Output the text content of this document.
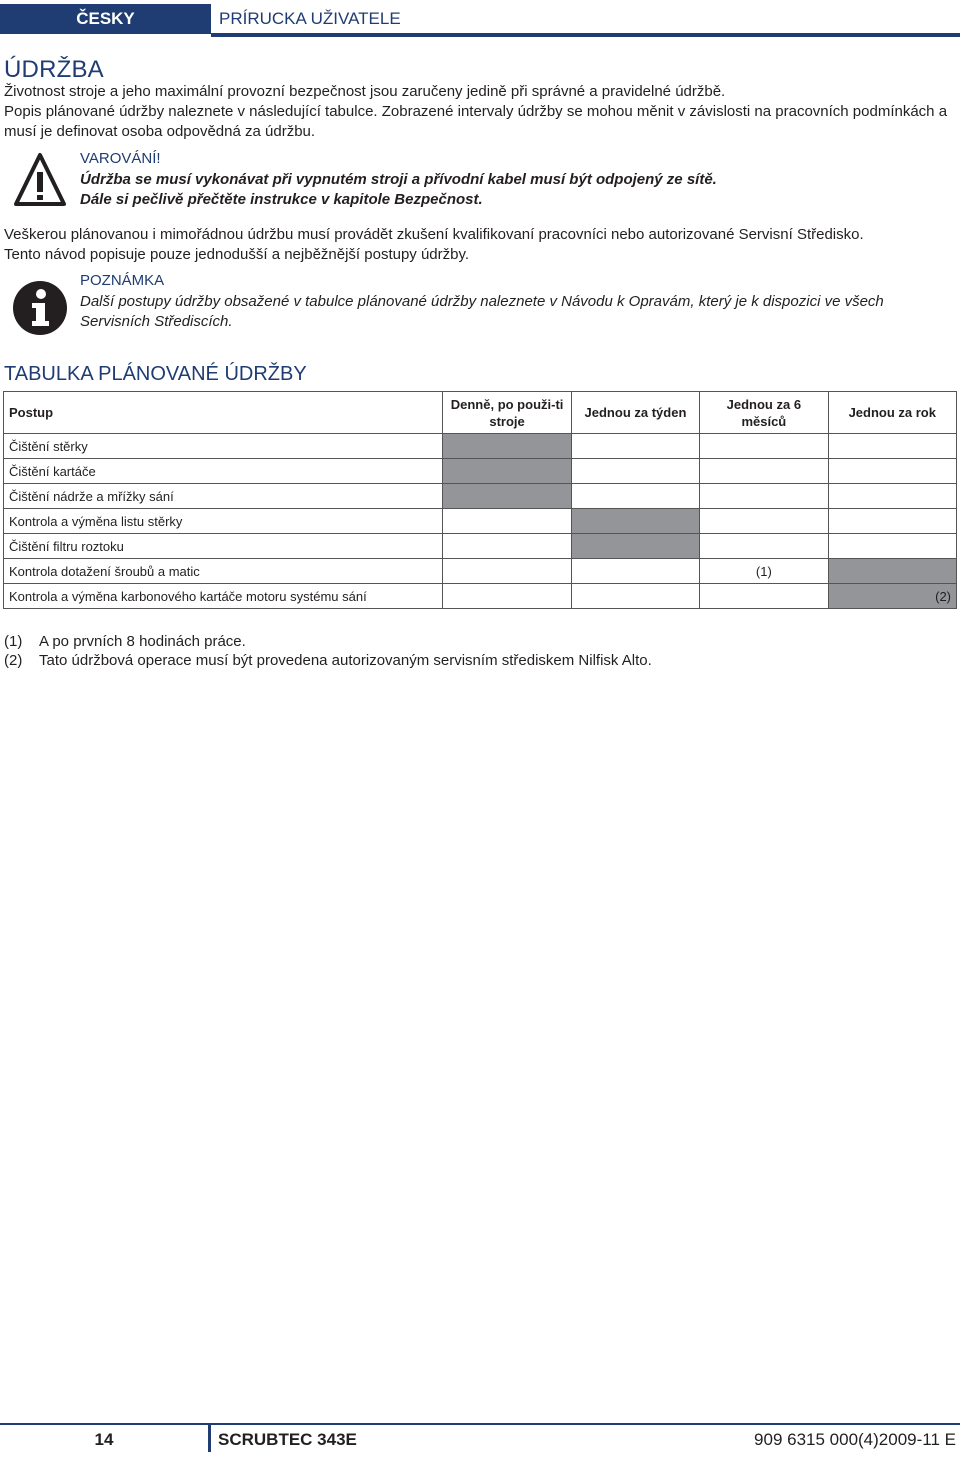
ČESKY	PRÍRUCKA UŽIVATELE
ÚDRŽBA

Životnost stroje a jeho maximální provozní bezpečnost jsou zaručeny jedině při správné a pravidelné údržbě.

Popis plánované údržby naleznete v následující tabulce. Zobrazené intervaly údržby se mohou měnit v závislosti na pracovních podmínkách a musí je definovat osoba odpovědná za údržbu.

VAROVÁNÍ!
Údržba se musí vykonávat při vypnutém stroji a přívodní kabel musí být odpojený ze sítě.
Dále si pečlivě přečtěte instrukce v kapitole Bezpečnost.

Veškerou plánovanou i mimořádnou údržbu musí provádět zkušení kvalifikovaní pracovníci nebo autorizované Servisní Středisko.

Tento návod popisuje pouze jednodušší a nejběžnější postupy údržby.

POZNÁMKA
Další postupy údržby obsažené v tabulce plánované údržby naleznete v Návodu k Opravám, který je k dispozici ve všech Servisních Střediscích.
TABULKA PLÁNOVANÉ ÚDRŽBY
Postup	Denně, po použi-ti stroje	Jednou za týden	Jednou za 6 měsíců	Jednou za rok
Čištění stěrky				
Čištění kartáče				
Čištění nádrže a mřížky sání				
Kontrola a výměna listu stěrky				
Čištění filtru roztoku				
Kontrola dotažení šroubů a matic			(1)	
Kontrola a výměna karbonového kartáče motoru systému sání				(2)
(1) A po prvních 8 hodinách práce.
(2) Tato údržbová operace musí být provedena autorizovaným servisním střediskem Nilfisk Alto.
14	SCRUBTEC 343E	909 6315 000(4)2009-11 E
